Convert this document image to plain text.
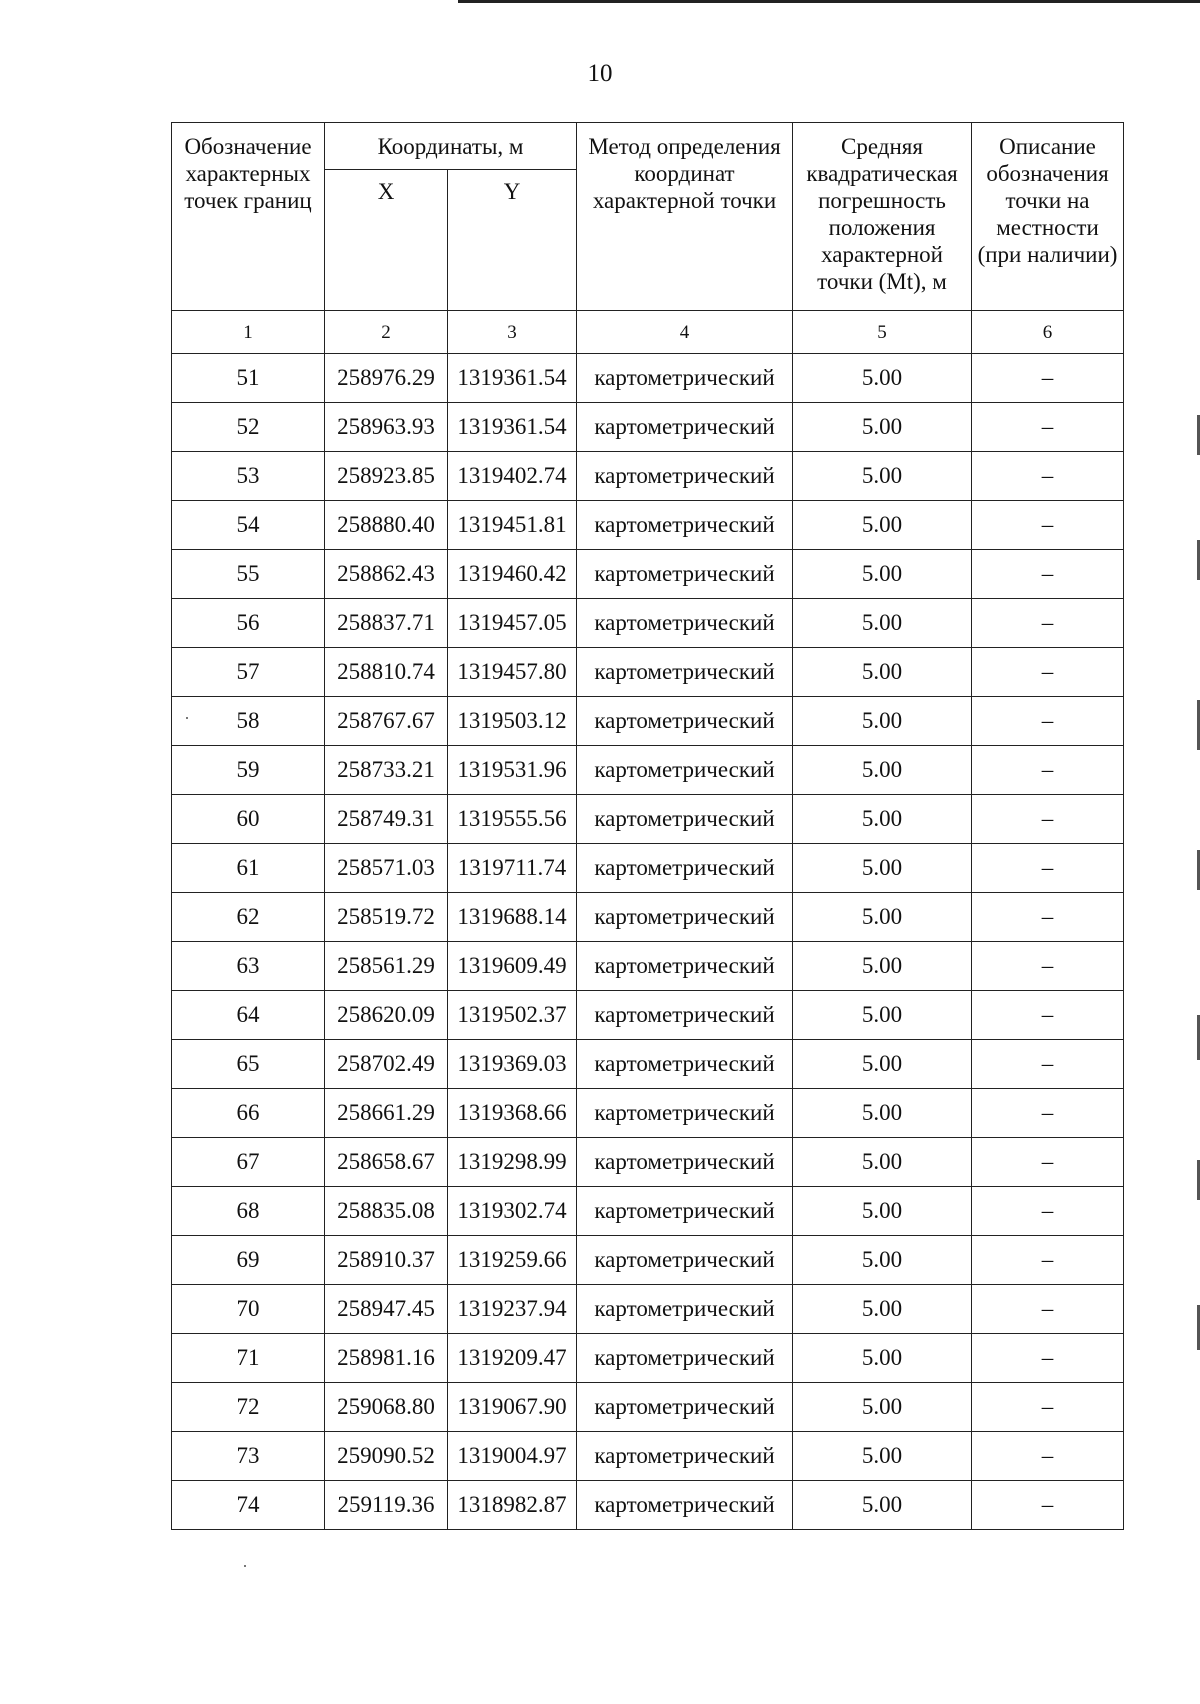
10
Обозначение характерных точек границ	Координаты, м		Метод определения координат характерной точки	Средняя квадратическая погрешность положения характерной точки (Mt), м	Описание обозначения точки на местности (при наличии)
	X	Y			
1	2	3	4	5	6
51	258976.29	1319361.54	картометрический	5.00	–
52	258963.93	1319361.54	картометрический	5.00	–
53	258923.85	1319402.74	картометрический	5.00	–
54	258880.40	1319451.81	картометрический	5.00	–
55	258862.43	1319460.42	картометрический	5.00	–
56	258837.71	1319457.05	картометрический	5.00	–
57	258810.74	1319457.80	картометрический	5.00	–
58	258767.67	1319503.12	картометрический	5.00	–
59	258733.21	1319531.96	картометрический	5.00	–
60	258749.31	1319555.56	картометрический	5.00	–
61	258571.03	1319711.74	картометрический	5.00	–
62	258519.72	1319688.14	картометрический	5.00	–
63	258561.29	1319609.49	картометрический	5.00	–
64	258620.09	1319502.37	картометрический	5.00	–
65	258702.49	1319369.03	картометрический	5.00	–
66	258661.29	1319368.66	картометрический	5.00	–
67	258658.67	1319298.99	картометрический	5.00	–
68	258835.08	1319302.74	картометрический	5.00	–
69	258910.37	1319259.66	картометрический	5.00	–
70	258947.45	1319237.94	картометрический	5.00	–
71	258981.16	1319209.47	картометрический	5.00	–
72	259068.80	1319067.90	картометрический	5.00	–
73	259090.52	1319004.97	картометрический	5.00	–
74	259119.36	1318982.87	картометрический	5.00	–
